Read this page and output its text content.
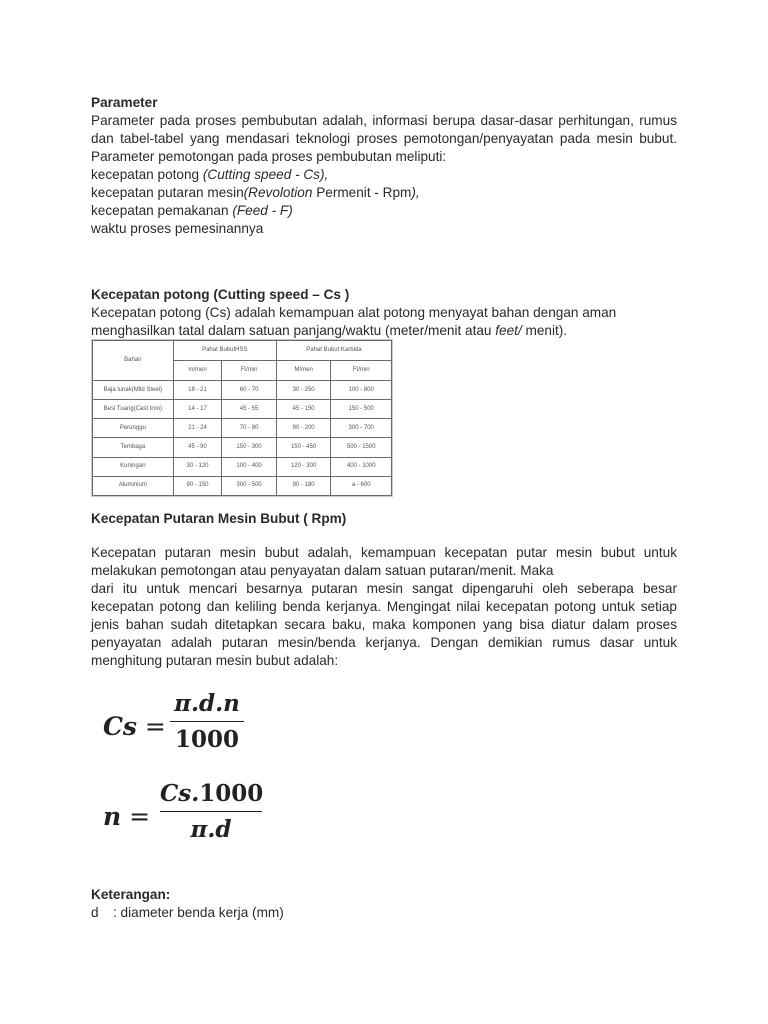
Parameter

Parameter pada proses pembubutan adalah, informasi berupa dasar-dasar perhitungan, rumus dan tabel-tabel yang mendasari teknologi proses pemotongan/penyayatan pada mesin bubut. Parameter pemotongan pada proses pembubutan meliputi:

kecepatan potong (Cutting speed - Cs),
kecepatan putaran mesin(Revolotion Permenit - Rpm),
kecepatan pemakanan (Feed - F)
waktu proses pemesinannya
Kecepatan potong (Cutting speed – Cs )
Kecepatan potong (Cs) adalah kemampuan alat potong menyayat bahan dengan aman
menghasilkan tatal dalam satuan panjang/waktu (meter/menit atau feet/ menit).
Bahan	Pahat BubutHSS		Pahat Bubut Karbida	
	m/men	Ft/min	M/men	Ft/min
Baja lunak(Mild Steel)	18 - 21	60 - 70	30 - 250	100 - 800
Besi Tuang(Cast Iron)	14 - 17	45 - 55	45 - 150	150 - 500
Perunggu	21 - 24	70 - 80	90 - 200	300 - 700
Tembaga	45 - 90	150 - 300	150 - 450	500 - 1500
Kuningan	30 - 120	100 - 400	120 - 300	400 - 1000
Aluminium	90 - 150	300 - 500	90 - 180	a - 600
Kecepatan Putaran Mesin Bubut ( Rpm)

Kecepatan putaran mesin bubut adalah, kemampuan kecepatan putar mesin bubut untuk melakukan pemotongan atau penyayatan dalam satuan putaran/menit. Maka

dari itu untuk mencari besarnya putaran mesin sangat dipengaruhi oleh seberapa besar kecepatan potong dan keliling benda kerjanya. Mengingat nilai kecepatan potong untuk setiap jenis bahan sudah ditetapkan secara baku, maka komponen yang bisa diatur dalam proses penyayatan adalah putaran mesin/benda kerjanya. Dengan demikian rumus dasar untuk menghitung putaran mesin bubut adalah:

Cs =
π.d.n
1000
n =
Cs.1000
π.d
Keterangan:
d : diameter benda kerja (mm)
